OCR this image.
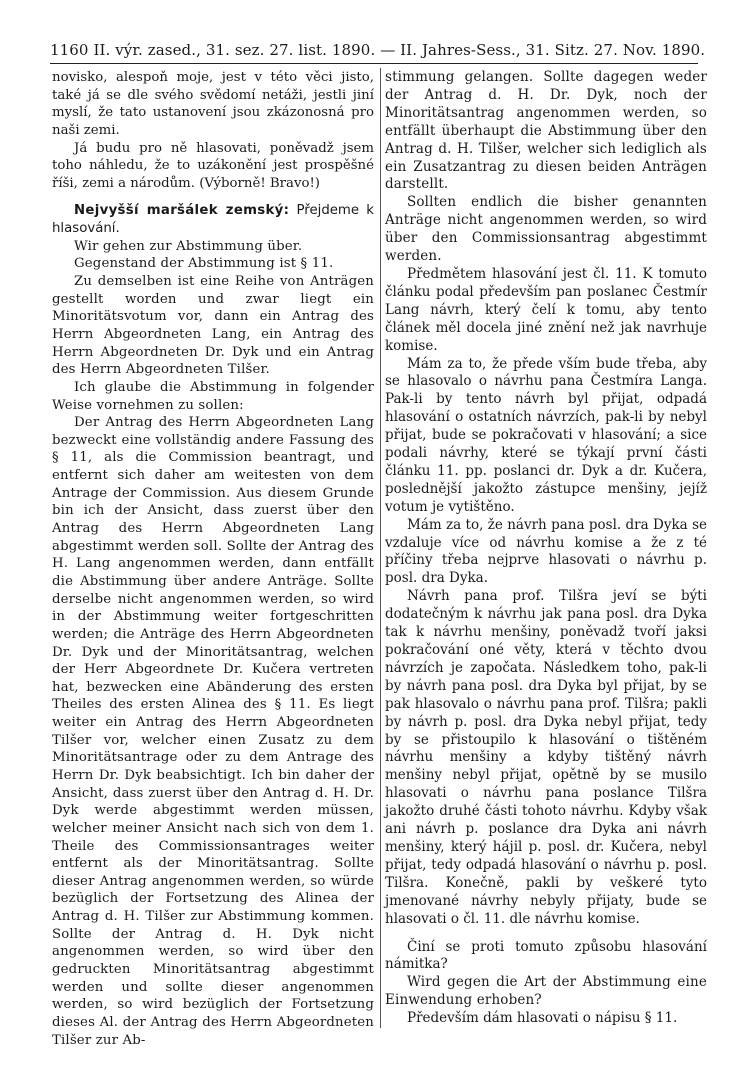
1160 II. výr. zased., 31. sez. 27. list. 1890. — II. Jahres-Sess., 31. Sitz. 27. Nov. 1890.

novisko, alespoň moje, jest v této věci jisto, také já se dle svého svědomí netáži, jestli jiní myslí, že tato ustanovení jsou zkázonosná pro naši zemi.

Já budu pro ně hlasovati, poněvadž jsem toho náhledu, že to uzákonění jest prospěšné říši, zemi a národům. (Výborně! Bravo!)

Nejvyšší maršálek zemský: Přejdeme k hlasování.

Wir gehen zur Abstimmung über.

Gegenstand der Abstimmung ist § 11.

Zu demselben ist eine Reihe von Anträgen gestellt worden und zwar liegt ein Minoritätsvotum vor, dann ein Antrag des Herrn Abgeordneten Lang, ein Antrag des Herrn Abgeordneten Dr. Dyk und ein Antrag des Herrn Abgeordneten Tilšer.

Ich glaube die Abstimmung in folgender Weise vornehmen zu sollen:

Der Antrag des Herrn Abgeordneten Lang bezweckt eine vollständig andere Fassung des § 11, als die Commission beantragt, und entfernt sich daher am weitesten von dem Antrage der Commission. Aus diesem Grunde bin ich der Ansicht, dass zuerst über den Antrag des Herrn Abgeordneten Lang abgestimmt werden soll. Sollte der Antrag des H. Lang angenommen werden, dann entfällt die Abstimmung über andere Anträge. Sollte derselbe nicht angenommen werden, so wird in der Abstimmung weiter fortgeschritten werden; die Anträge des Herrn Abgeordneten Dr. Dyk und der Minoritätsantrag, welchen der Herr Abgeordnete Dr. Kučera vertreten hat, bezwecken eine Abänderung des ersten Theiles des ersten Alinea des § 11. Es liegt weiter ein Antrag des Herrn Abgeordneten Tilšer vor, welcher einen Zusatz zu dem Minoritätsantrage oder zu dem Antrage des Herrn Dr. Dyk beabsichtigt. Ich bin daher der Ansicht, dass zuerst über den Antrag d. H. Dr. Dyk werde abgestimmt werden müssen, welcher meiner Ansicht nach sich von dem 1. Theile des Commissionsantrages weiter entfernt als der Minoritätsantrag. Sollte dieser Antrag angenommen werden, so würde bezüglich der Fortsetzung des Alinea der Antrag d. H. Tilšer zur Abstimmung kommen. Sollte der Antrag d. H. Dyk nicht angenommen werden, so wird über den gedruckten Minoritätsantrag abgestimmt werden und sollte dieser angenommen werden, so wird bezüglich der Fortsetzung dieses Al. der Antrag des Herrn Abgeordneten Tilšer zur Ab-

stimmung gelangen. Sollte dagegen weder der Antrag d. H. Dr. Dyk, noch der Minoritätsantrag angenommen werden, so entfällt überhaupt die Abstimmung über den Antrag d. H. Tilšer, welcher sich lediglich als ein Zusatzantrag zu diesen beiden Anträgen darstellt.

Sollten endlich die bisher genannten Anträge nicht angenommen werden, so wird über den Commissionsantrag abgestimmt werden.

Předmětem hlasování jest čl. 11. K tomuto článku podal především pan poslanec Čestmír Lang návrh, který čelí k tomu, aby tento článek měl docela jiné znění než jak navrhuje komise.

Mám za to, že přede vším bude třeba, aby se hlasovalo o návrhu pana Čestmíra Langa. Pak-li by tento návrh byl přijat, odpadá hlasování o ostatních návrzích, pak-li by nebyl přijat, bude se pokračovati v hlasování; a sice podali návrhy, které se týkají první části článku 11. pp. poslanci dr. Dyk a dr. Kučera, poslednější jakožto zástupce menšiny, jejíž votum je vytištěno.

Mám za to, že návrh pana posl. dra Dyka se vzdaluje více od návrhu komise a že z té příčiny třeba nejprve hlasovati o návrhu p. posl. dra Dyka.

Návrh pana prof. Tilšra jeví se býti dodatečným k návrhu jak pana posl. dra Dyka tak k návrhu menšiny, poněvadž tvoří jaksi pokračování oné věty, která v těchto dvou návrzích je započata. Následkem toho, pak-li by návrh pana posl. dra Dyka byl přijat, by se pak hlasovalo o návrhu pana prof. Tilšra; pakli by návrh p. posl. dra Dyka nebyl přijat, tedy by se přistoupilo k hlasování o tištěném návrhu menšiny a kdyby tištěný návrh menšiny nebyl přijat, opětně by se musilo hlasovati o návrhu pana poslance Tilšra jakožto druhé části tohoto návrhu. Kdyby však ani návrh p. poslance dra Dyka ani návrh menšiny, který hájil p. posl. dr. Kučera, nebyl přijat, tedy odpadá hlasování o návrhu p. posl. Tilšra. Konečně, pakli by veškeré tyto jmenované návrhy nebyly přijaty, bude se hlasovati o čl. 11. dle návrhu komise.

Činí se proti tomuto způsobu hlasování námitka?

Wird gegen die Art der Abstimmung eine Einwendung erhoben?

Především dám hlasovati o nápisu § 11.
